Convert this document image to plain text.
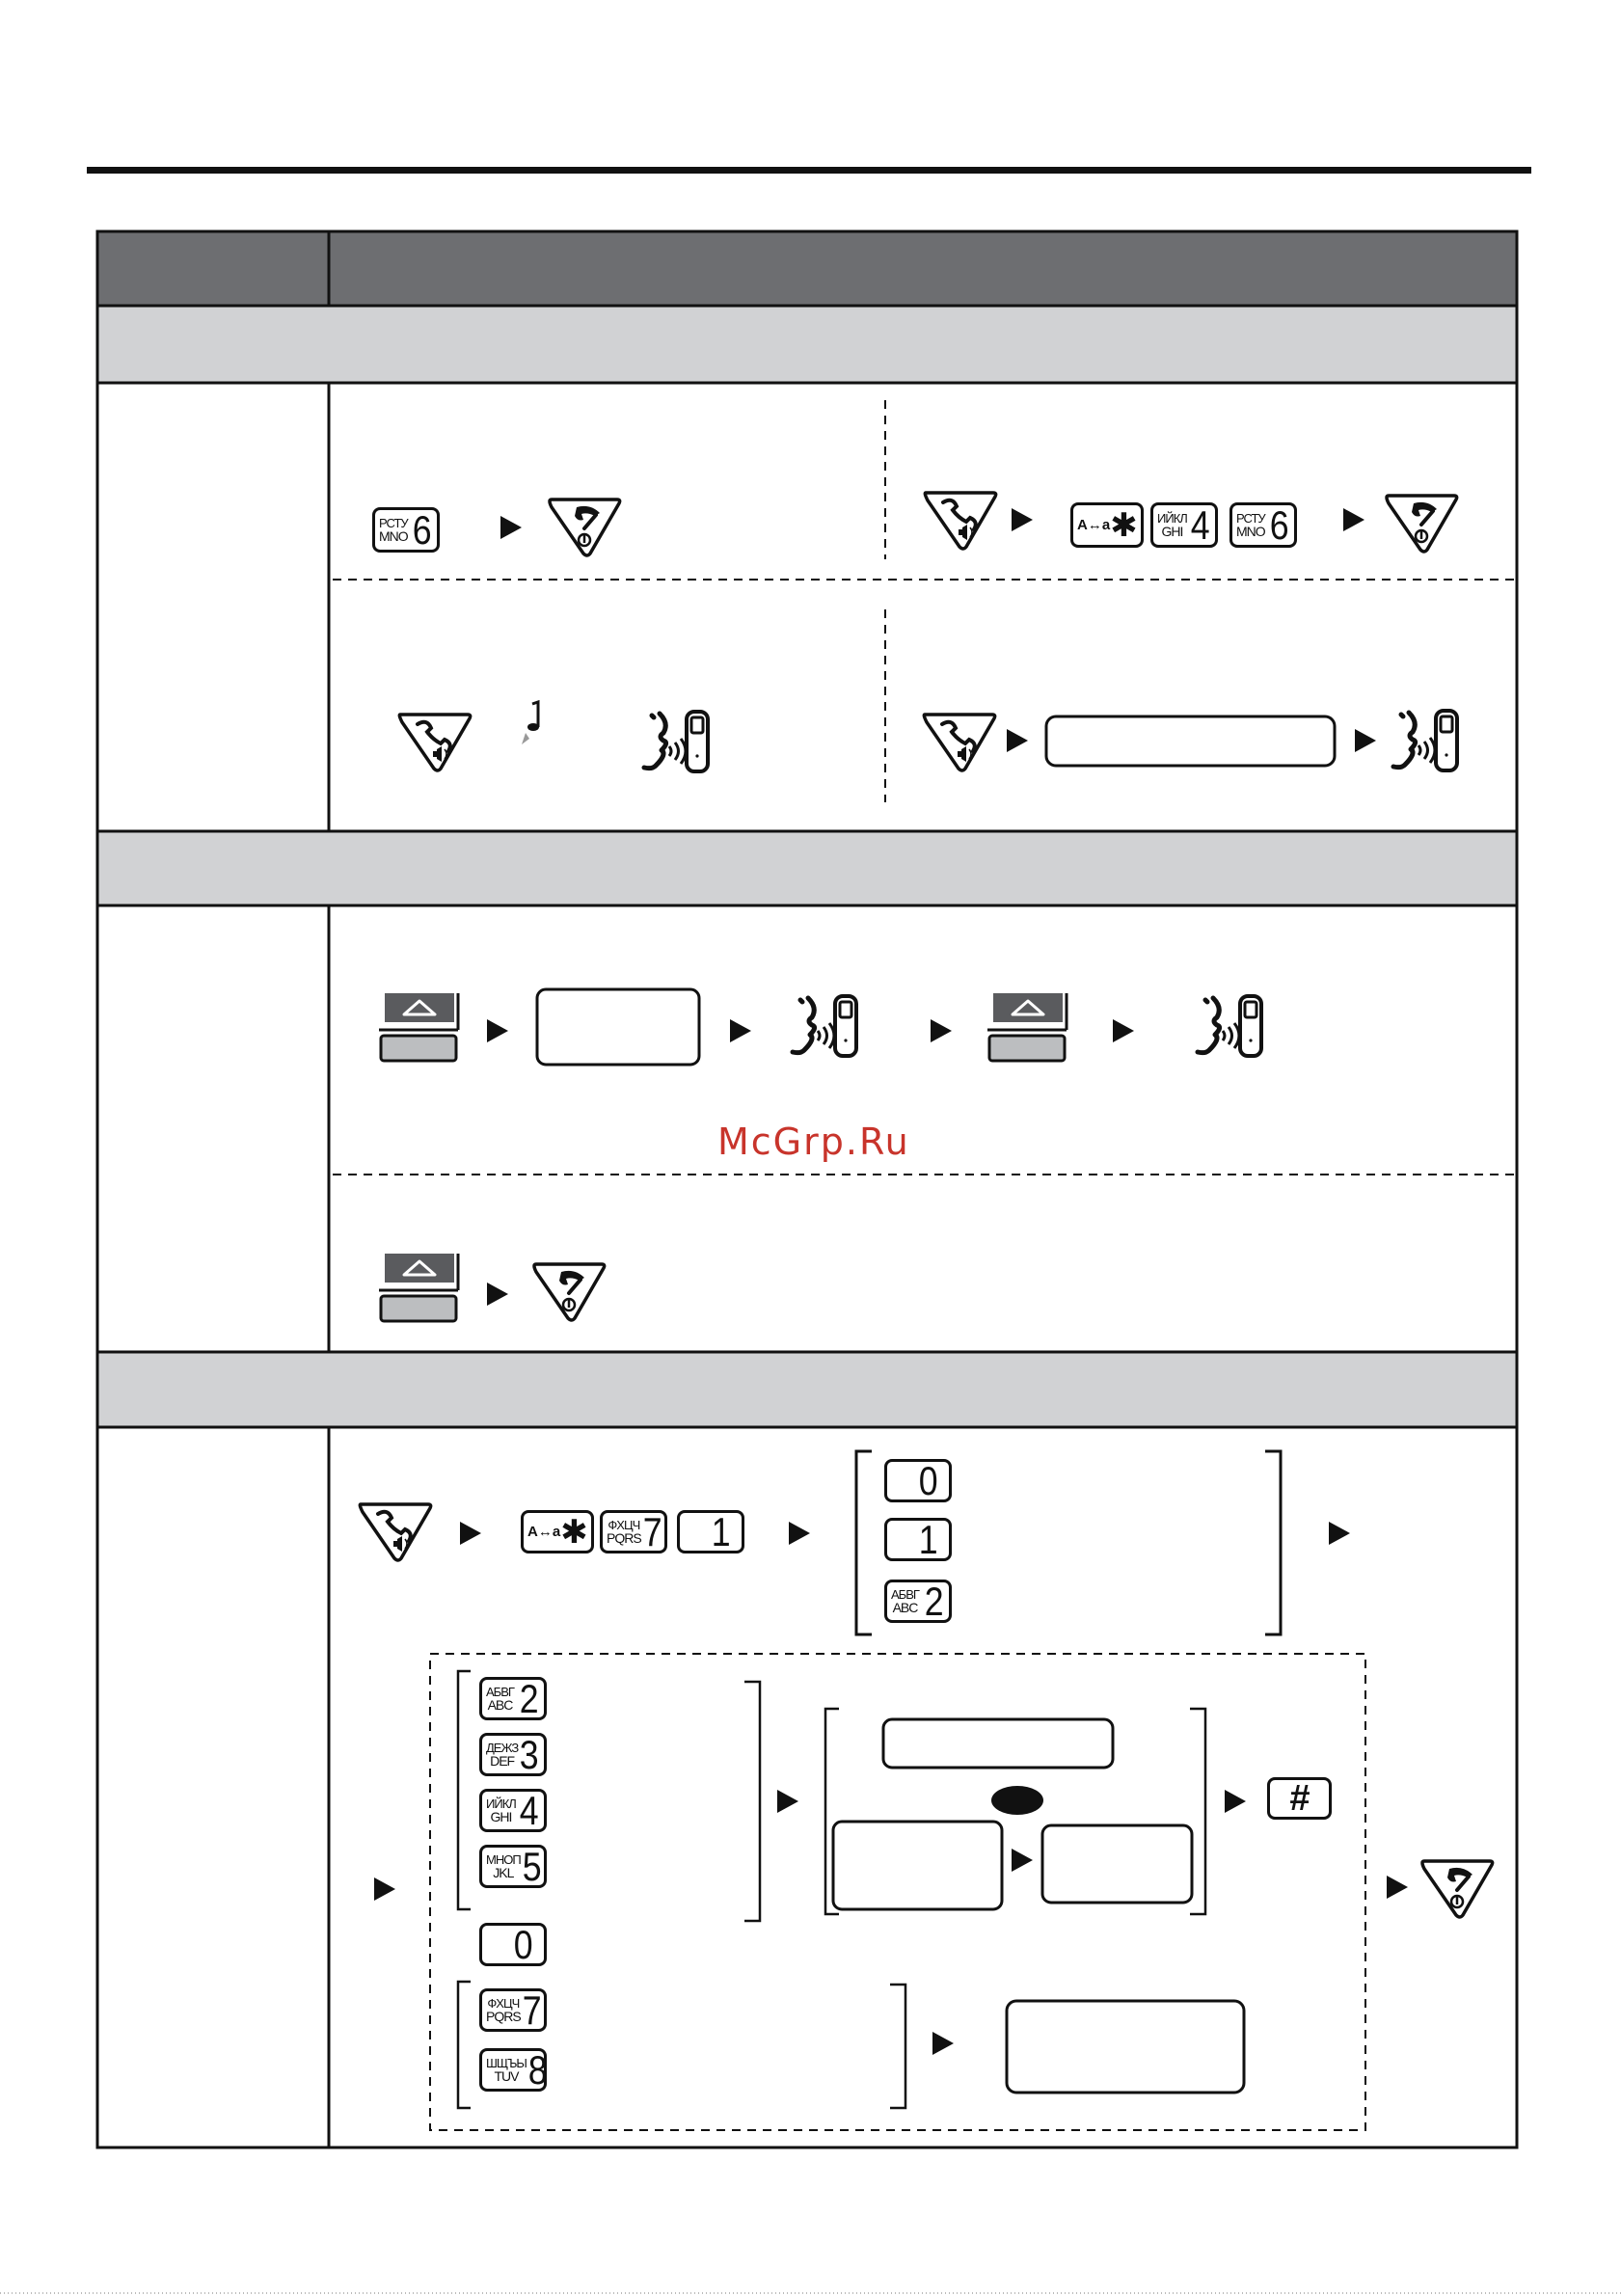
РСТУ
MNO 6	A↔a ✱ ИЙКЛ
GHI 4 РСТУ
MNO 6
A↔a ✱ ФХЦЧ
PQRS 7 1
0
1
АБВГ
ABC 2
АБВГ
ABC 2
ДЕЖЗ
DEF 3
ИЙКЛ
GHI 4
МНОП
JKL 5
0
ФХЦЧ
PQRS 7
ШЩЪЫ
TUV 8
#
McGrp.Ru
